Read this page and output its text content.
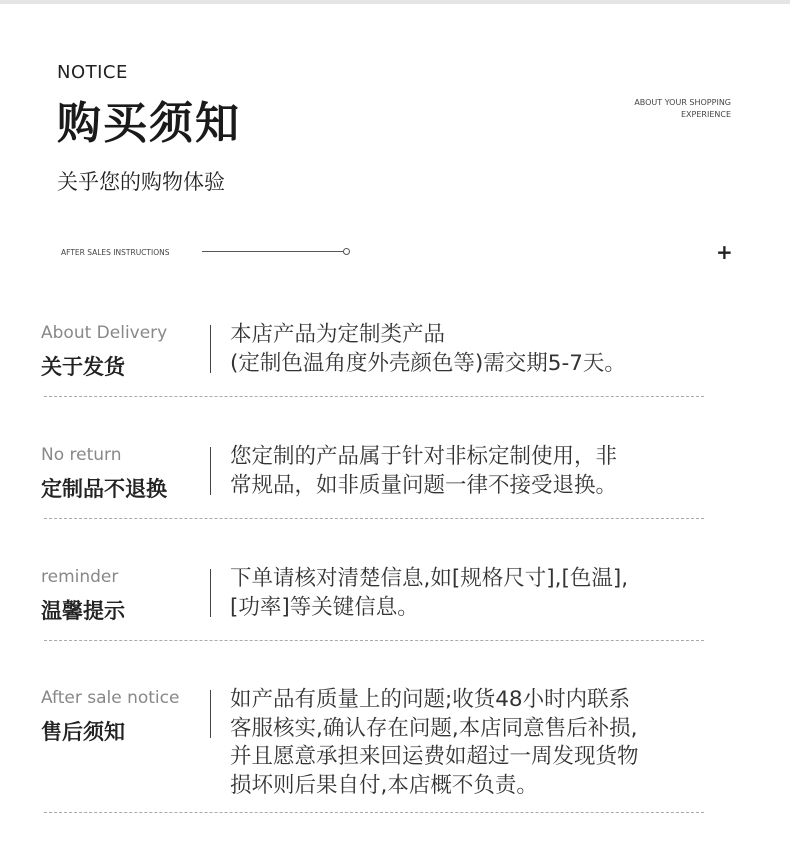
NOTICE
购买须知
关乎您的购物体验
ABOUT YOUR SHOPPING
EXPERIENCE
AFTER SALES INSTRUCTIONS	+
About Delivery
关于发货
本店产品为定制类产品
(定制色温角度外壳颜色等)需交期5-7天。
No return
定制品不退换
您定制的产品属于针对非标定制使用，非
常规品，如非质量问题一律不接受退换。
reminder
温馨提示
下单请核对清楚信息,如[规格尺寸],[色温],
[功率]等关键信息。
After sale notice
售后须知
如产品有质量上的问题;收货48小时内联系
客服核实,确认存在问题,本店同意售后补损,
并且愿意承担来回运费如超过一周发现货物
损坏则后果自付,本店概不负责。
